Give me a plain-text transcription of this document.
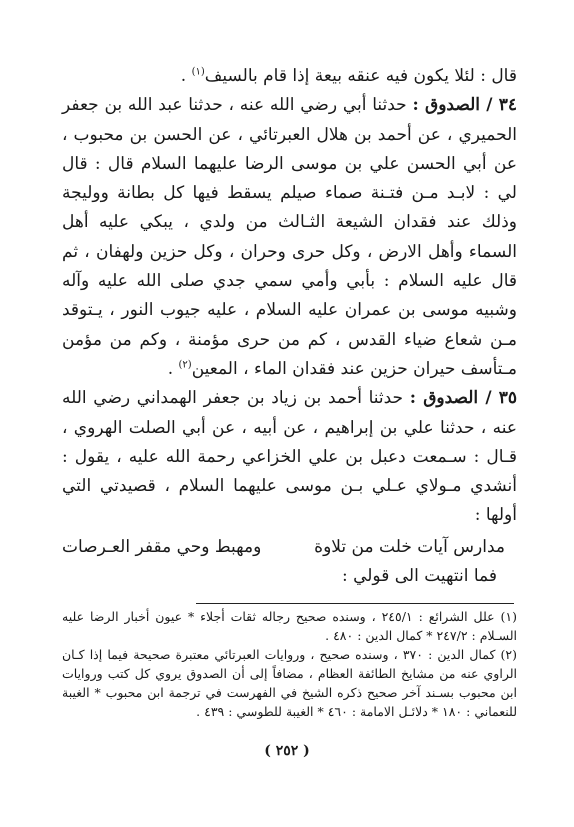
قال : لئلا يكون فيه عنقه بيعة إذا قام بالسيف$^{(١)}$ .

٣٤ / الصدوق : حدثنا أبي رضي الله عنه ، حدثنا عبد الله بن جعفر الحميري ، عن أحمد بن هلال العبرتائي ، عن الحسن بن محبوب ، عن أبي الحسن علي بن موسى الرضا عليهما السلام قال : قال لي : لابـد مـن فتـنة صماء صيلم يسقط فيها كل بطانة ووليجة وذلك عند فقدان الشيعة الثـالث من ولدي ، يبكي عليه أهل السماء وأهل الارض ، وكل حرى وحران ، وكل حزين ولهفان ، ثم قال عليه السلام : بأبي وأمي سمي جدي صلى الله عليه وآله وشبيه موسى بن عمران عليه السلام ، عليه جيوب النور ، يـتوقد مـن شعاع ضياء القدس ، كم من حرى مؤمنة ، وكم من مؤمن مـتأسف حيران حزين عند فقدان الماء ، المعين$^{(٢)}$ .

٣٥ / الصدوق : حدثنا أحمد بن زياد بن جعفر الهمداني رضي الله عنه ، حدثنا علي بن إبراهيم ، عن أبيه ، عن أبي الصلت الهروي ، قـال : سـمعت دعبل بن علي الخزاعي رحمة الله عليه ، يقول : أنشدي مـولاي عـلي بـن موسى عليهما السلام ، قصيدتي التي أولها :

مدارس آيات خلت من تلاوة
ومهبط وحي مقفر العـرصات
فما انتهيت الى قولي :

(١) علل الشرائع : ٢٤٥/١ ، وسنده صحيح رجاله ثقات أجلاء * عيون أخبار الرضا عليه السـلام : ٢٤٧/٢ * كمال الدين : ٤٨٠ .

(٢) كمال الدين : ٣٧٠ ، وسنده صحيح ، وروايات العبرتائي معتبرة صحيحة فيما إذا كـان الراوي عنه من مشايخ الطائفة العظام ، مضافاً إلى أن الصدوق يروي كل كتب وروايات ابن محبوب بسـند آخر صحيح ذكره الشيخ في الفهرست في ترجمة ابن محبوب * الغيبة للنعماني : ١٨٠ * دلائـل الامامة : ٤٦٠ * الغيبة للطوسي : ٤٣٩ .

( ٢٥٢ )
